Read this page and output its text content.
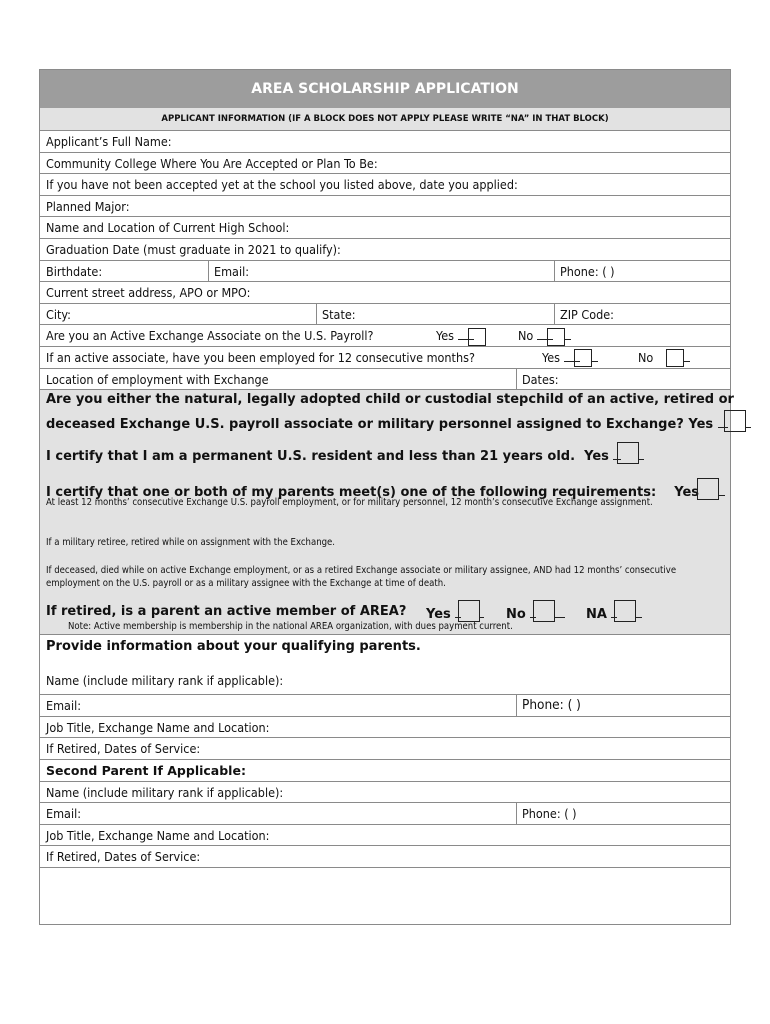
AREA SCHOLARSHIP APPLICATION
APPLICANT INFORMATION (IF A BLOCK DOES NOT APPLY PLEASE WRITE “NA” IN THAT BLOCK)
Applicant’s Full Name:
Community College Where You Are Accepted or Plan To Be:
If you have not been accepted yet at the school you listed above, date you applied:
Planned Major:
Name and Location of Current High School:
Graduation Date (must graduate in 2021 to qualify):
Birthdate:	Email:	Phone: ( )
Current street address, APO or MPO:
City:	State:	ZIP Code:
Are you an Active Exchange Associate on the U.S. Payroll?	Yes	No
If an active associate, have you been employed for 12 consecutive months?	Yes	No
Location of employment with Exchange	Dates:
Are you either the natural, legally adopted child or custodial stepchild of an active, retired or
deceased Exchange U.S. payroll associate or military personnel assigned to Exchange? Yes
I certify that I am a permanent U.S. resident and less than 21 years old. Yes
I certify that one or both of my parents meet(s) one of the following requirements: Yes
At least 12 months’ consecutive Exchange U.S. payroll employment, or for military personnel, 12 month’s consecutive Exchange assignment.
If a military retiree, retired while on assignment with the Exchange.
If deceased, died while on active Exchange employment, or as a retired Exchange associate or military assignee, AND had 12 months’ consecutive employment on the U.S. payroll or as a military assignee with the Exchange at time of death.
If retired, is a parent an active member of AREA? Yes	No	NA
Note: Active membership is membership in the national AREA organization, with dues payment current.
Provide information about your qualifying parents.
Name (include military rank if applicable):
Email:	Phone: ( )
Job Title, Exchange Name and Location:
If Retired, Dates of Service:
Second Parent If Applicable:
Name (include military rank if applicable):
Email:	Phone: ( )
Job Title, Exchange Name and Location:
If Retired, Dates of Service:
